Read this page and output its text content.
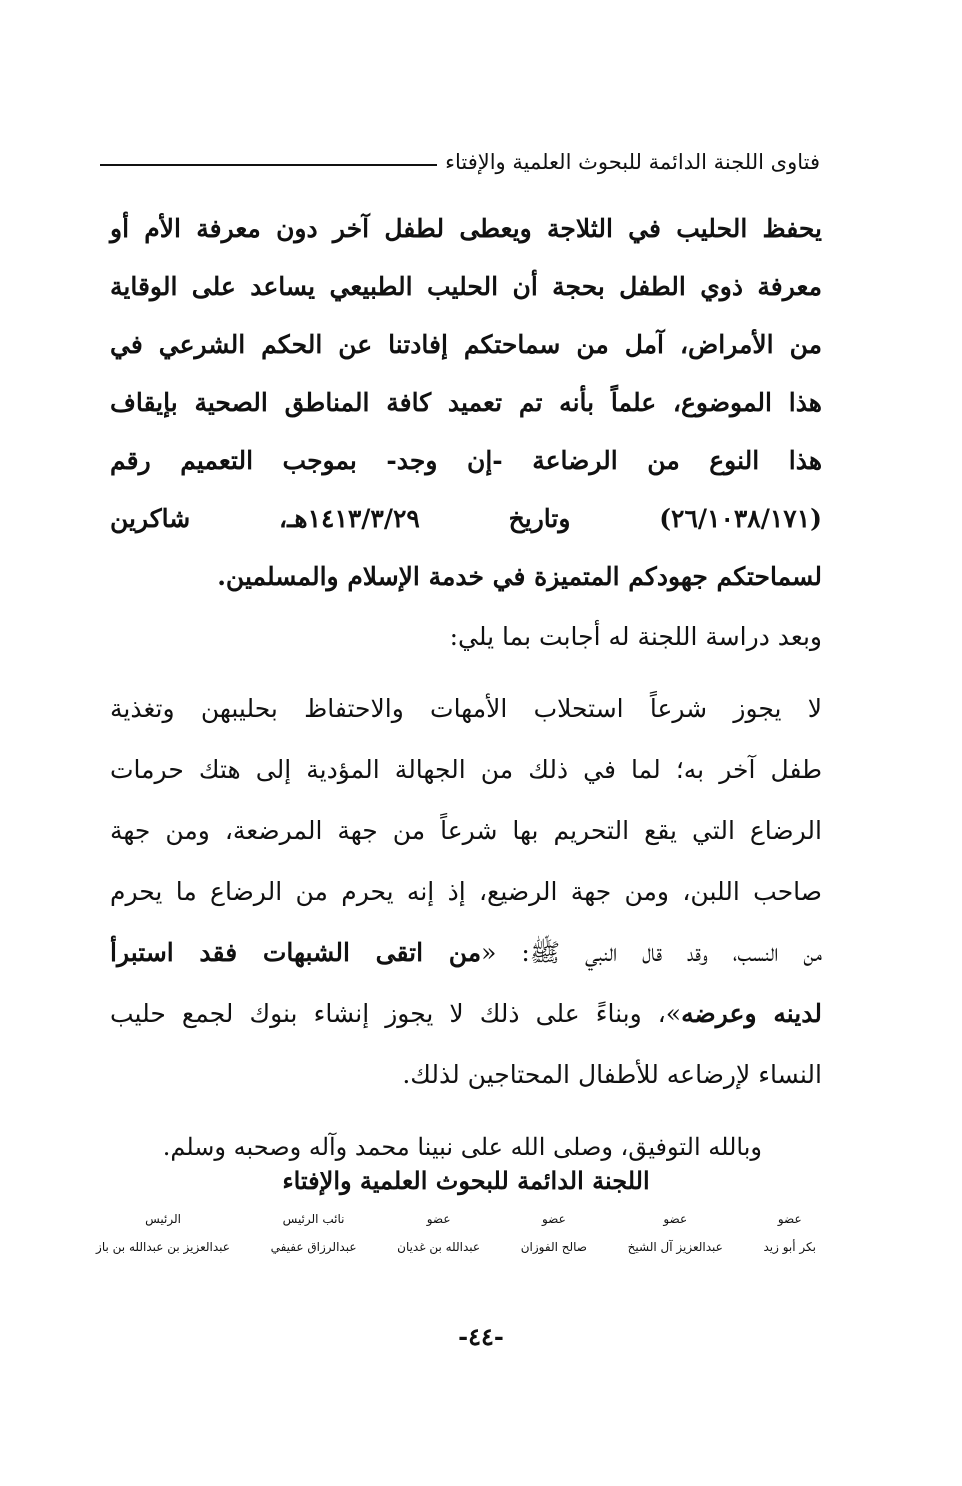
فتاوى اللجنة الدائمة للبحوث العلمية والإفتاء

يحفظ الحليب في الثلاجة ويعطى لطفل آخر دون معرفة الأم أو

معرفة ذوي الطفل بحجة أن الحليب الطبيعي يساعد على الوقاية

من الأمراض، آمل من سماحتكم إفادتنا عن الحكم الشرعي في

هذا الموضوع، علماً بأنه تم تعميد كافة المناطق الصحية بإيقاف

هذا النوع من الرضاعة -إن وجد- بموجب التعميم رقم

(٢٦/١٠٣٨/١٧١) وتاريخ ١٤١٣/٣/٢٩هـ، شاكرين

لسماحتكم جهودكم المتميزة في خدمة الإسلام والمسلمين.

وبعد دراسة اللجنة له أجابت بما يلي:

لا يجوز شرعاً استحلاب الأمهات والاحتفاظ بحليبهن وتغذية

طفل آخر به؛ لما في ذلك من الجهالة المؤدية إلى هتك حرمات

الرضاع التي يقع التحريم بها شرعاً من جهة المرضعة، ومن جهة

صاحب اللبن، ومن جهة الرضيع، إذ إنه يحرم من الرضاع ما يحرم

من النسب، وقد قال النبي ﷺ: «من اتقى الشبهات فقد استبرأ

لدينه وعرضه»، وبناءً على ذلك لا يجوز إنشاء بنوك لجمع حليب

النساء لإرضاعه للأطفال المحتاجين لذلك.

وبالله التوفيق، وصلى الله على نبينا محمد وآله وصحبه وسلم.

اللجنة الدائمة للبحوث العلمية والإفتاء
عضو
بكر أبو زيد
عضو
عبدالعزيز آل الشيخ
عضو
صالح الفوزان
عضو
عبدالله بن غديان
نائب الرئيس
عبدالرزاق عفيفي
الرئيس
عبدالعزيز بن عبدالله بن باز
-٤٤-
